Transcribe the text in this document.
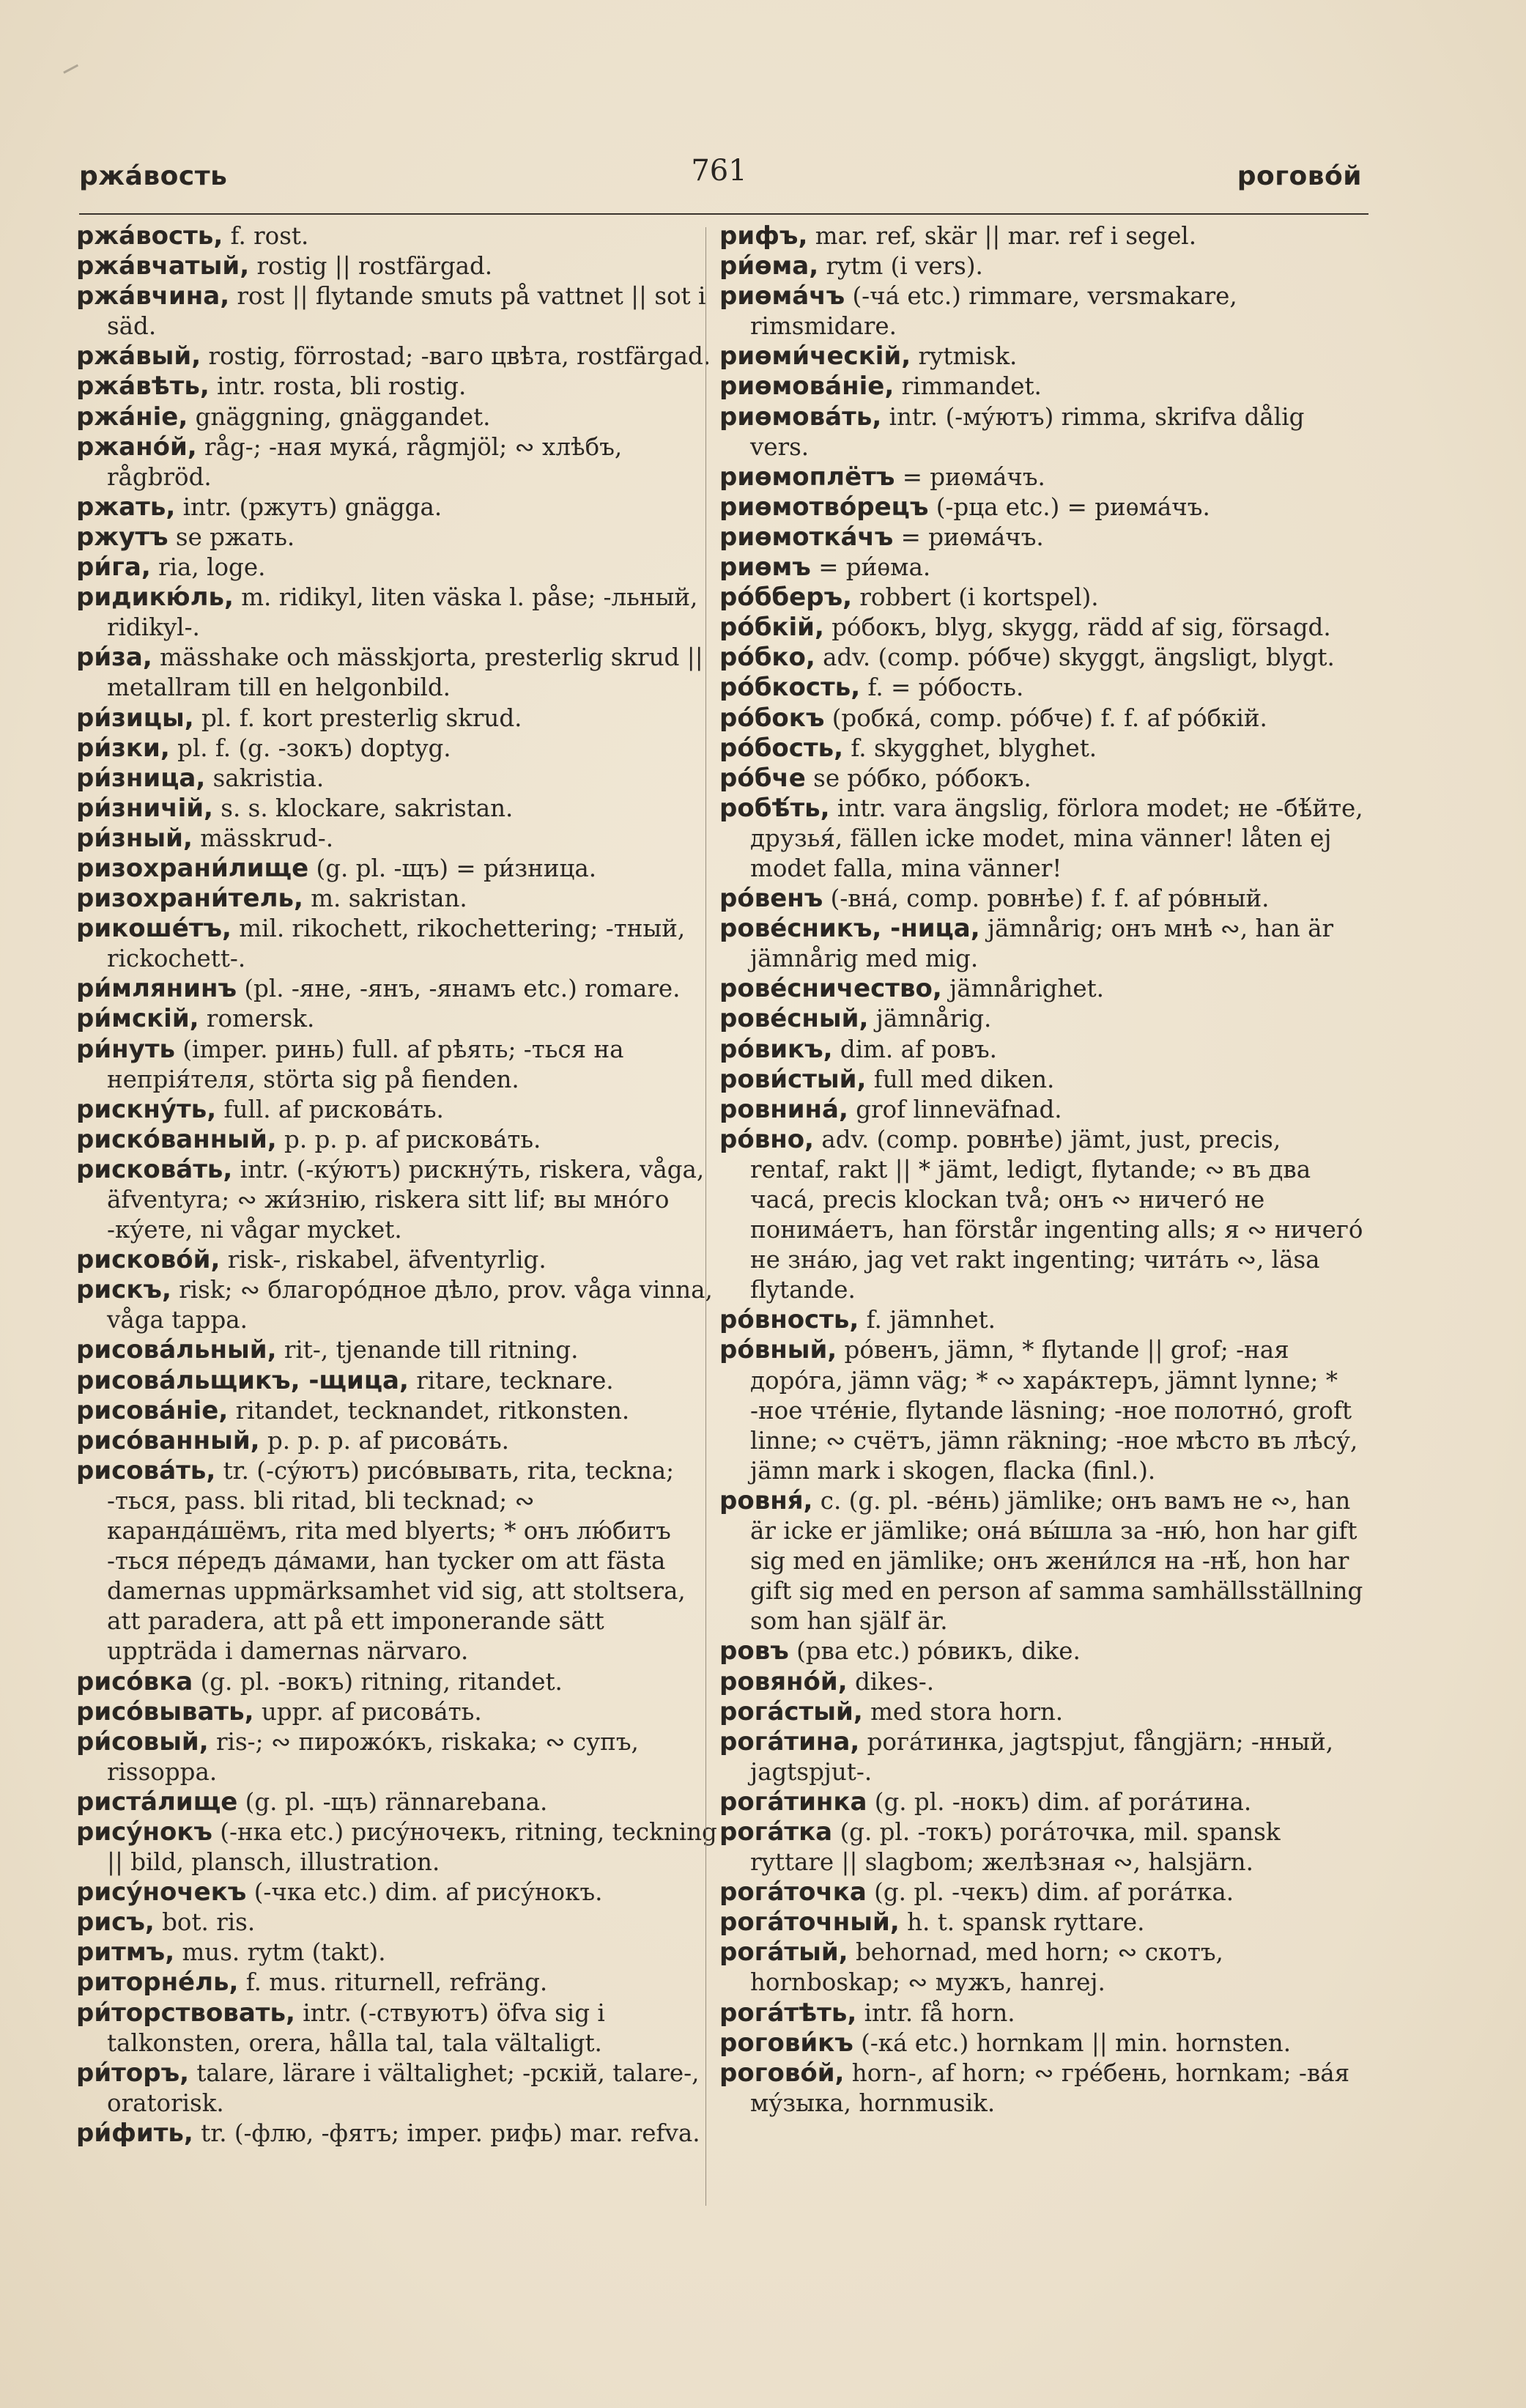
ржа́вость	761	роговóй

ржа́вость, f. rost.

ржа́вчатый, rostig || rostfärgad.

ржа́вчина, rost || flytande smuts på vattnet || sot i säd.

ржа́вый, rostig, förrostad; -ваго цвѣта, rostfärgad.

ржа́вѣть, intr. rosta, bli rostig.

ржа́ніе, gnäggning, gnäggandet.

ржано́й, råg-; -ная мука́, rågmjöl; ∾ хлѣбъ, rågbröd.

ржать, intr. (ржутъ) gnägga.

ржутъ se ржать.

ри́га, ria, loge.

ридикю́ль, m. ridikyl, liten väska l. påse; -льный, ridikyl-.

ри́за, mässhake och mässkjorta, presterlig skrud || metallram till en helgonbild.

ри́зицы, pl. f. kort presterlig skrud.

ри́зки, pl. f. (g. -зокъ) doptyg.

ри́зница, sakristia.

ри́зничій, s. s. klockare, sakristan.

ри́зный, mässkrud-.

ризохрани́лище (g. pl. -щъ) = ри́зница.

ризохрани́тель, m. sakristan.

рикоше́тъ, mil. rikochett, rikochettering; -тный, rickochett-.

ри́млянинъ (pl. -яне, -янъ, -янамъ etc.) romare.

ри́мскій, romersk.

ри́нуть (imper. ринь) full. af рѣять; -ться на непрія́теля, störta sig på fienden.

рискну́ть, full. af рискова́ть.

риско́ванный, p. p. p. af рискова́ть.

рискова́ть, intr. (-ку́ютъ) рискну́ть, riskera, våga, äfventyra; ∾ жи́знію, riskera sitt lif; вы мно́го -ку́ете, ni vågar mycket.

рисково́й, risk-, riskabel, äfventyrlig.

рискъ, risk; ∾ благоро́дное дѣло, prov. våga vinna, våga tappa.

рисова́льный, rit-, tjenande till ritning.

рисова́льщикъ, -щица, ritare, tecknare.

рисова́ніе, ritandet, tecknandet, ritkonsten.

рисо́ванный, p. p. p. af рисова́ть.

рисова́ть, tr. (-су́ютъ) рисо́вывать, rita, teckna; -ться, pass. bli ritad, bli tecknad; ∾ каранда́шёмъ, rita med blyerts; * онъ лю́битъ -ться пе́редъ да́мами, han tycker om att fästa damernas uppmärksamhet vid sig, att stoltsera, att paradera, att på ett imponerande sätt uppträda i damernas närvaro.

рисо́вка (g. pl. -вокъ) ritning, ritandet.

рисо́вывать, uppr. af рисова́ть.

ри́совый, ris-; ∾ пирожо́къ, riskaka; ∾ супъ, rissoppa.

риста́лище (g. pl. -щъ) rännarebana.

рису́нокъ (-нка etc.) рису́ночекъ, ritning, teckning || bild, plansch, illustration.

рису́ночекъ (-чка etc.) dim. af рису́нокъ.

рисъ, bot. ris.

ритмъ, mus. rytm (takt).

риторне́ль, f. mus. riturnell, refräng.

ри́торствовать, intr. (-ствуютъ) öfva sig i talkonsten, orera, hålla tal, tala vältaligt.

ри́торъ, talare, lärare i vältalighet; -рскій, talare-, oratorisk.

ри́фить, tr. (-флю, -фятъ; imper. рифь) mar. refva.

рифъ, mar. ref, skär || mar. ref i segel.

ри́ѳма, rytm (i vers).

риѳма́чъ (-ча́ etc.) rimmare, versmakare, rimsmidare.

риѳми́ческій, rytmisk.

риѳмова́ніе, rimmandet.

риѳмова́ть, intr. (-му́ютъ) rimma, skrifva dålig vers.

риѳмоплётъ = риѳма́чъ.

риѳмотво́рецъ (-рца etc.) = риѳма́чъ.

риѳмотка́чъ = риѳма́чъ.

риѳмъ = ри́ѳма.

ро́бберъ, robbert (i kortspel).

ро́бкій, ро́бокъ, blyg, skygg, rädd af sig, försagd.

ро́бко, adv. (comp. ро́бче) skyggt, ängsligt, blygt.

ро́бкость, f. = ро́бость.

ро́бокъ (робка́, comp. ро́бче) f. f. af ро́бкій.

ро́бость, f. skygghet, blyghet.

ро́бче se ро́бко, ро́бокъ.

робѣ́ть, intr. vara ängslig, förlora modet; не -бѣ́йте, друзья́, fällen icke modet, mina vänner! låten ej modet falla, mina vänner!

ро́венъ (-вна́, comp. ровнѣе) f. f. af ро́вный.

рове́сникъ, -ница, jämnårig; онъ мнѣ ∾, han är jämnårig med mig.

рове́сничество, jämnårighet.

рове́сный, jämnårig.

ро́викъ, dim. af ровъ.

рови́стый, full med diken.

ровнина́, grof linneväfnad.

ро́вно, adv. (comp. ровнѣе) jämt, just, precis, rentaf, rakt || * jämt, ledigt, flytande; ∾ въ два часа́, precis klockan två; онъ ∾ ничего́ не понима́етъ, han förstår ingenting alls; я ∾ ничего́ не зна́ю, jag vet rakt ingenting; чита́ть ∾, läsa flytande.

ро́вность, f. jämnhet.

ро́вный, ро́венъ, jämn, * flytande || grof; -ная доро́га, jämn väg; * ∾ хара́ктеръ, jämnt lynne; * -ное чте́ніе, flytande läsning; -ное полотно́, groft linne; ∾ счётъ, jämn räkning; -ное мѣсто въ лѣсу́, jämn mark i skogen, flacka (finl.).

ровня́, c. (g. pl. -ве́нь) jämlike; онъ вамъ не ∾, han är icke er jämlike; она́ вы́шла за -ню́, hon har gift sig med en jämlike; онъ жени́лся на -нѣ́, hon har gift sig med en person af samma samhällsställning som han själf är.

ровъ (рва etc.) ро́викъ, dike.

ровяно́й, dikes-.

рога́стый, med stora horn.

рога́тина, рога́тинка, jagtspjut, fångjärn; -нный, jagtspjut-.

рога́тинка (g. pl. -нокъ) dim. af рога́тина.

рога́тка (g. pl. -токъ) рога́точка, mil. spansk ryttare || slagbom; желѣзная ∾, halsjärn.

рога́точка (g. pl. -чекъ) dim. af рога́тка.

рога́точный, h. t. spansk ryttare.

рога́тый, behornad, med horn; ∾ скотъ, hornboskap; ∾ мужъ, hanrej.

рога́тѣть, intr. få horn.

рогови́къ (-ка́ etc.) hornkam || min. hornsten.

рогово́й, horn-, af horn; ∾ гре́бень, hornkam; -ва́я му́зыка, hornmusik.
